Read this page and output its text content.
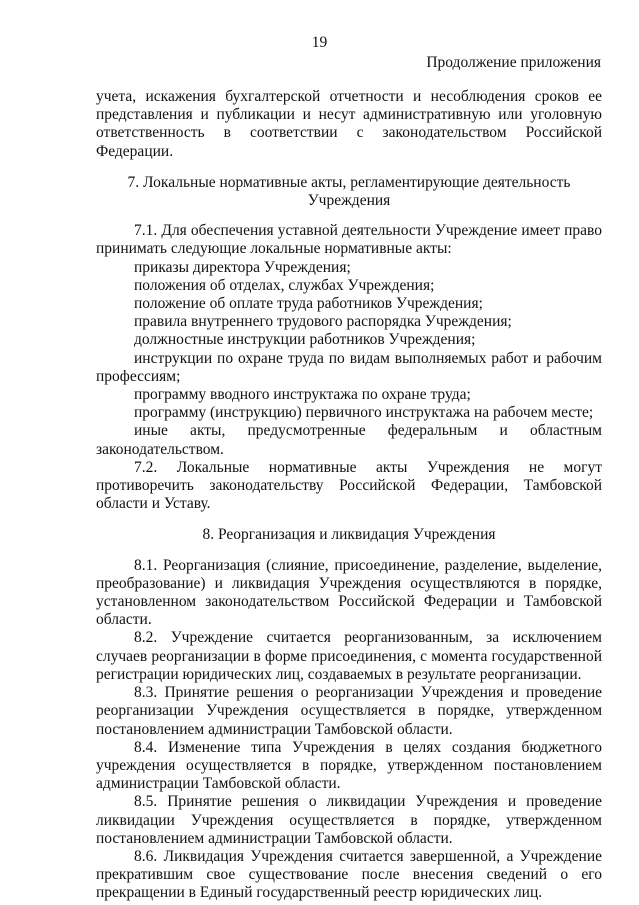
19
Продолжение приложения

учета, искажения бухгалтерской отчетности и несоблюдения сроков ее представления и публикации и несут административную или уголовную ответственность в соответствии с законодательством Российской Федерации.

7. Локальные нормативные акты, регламентирующие деятельность
Учреждения

7.1. Для обеспечения уставной деятельности Учреждение имеет право принимать следующие локальные нормативные акты:

приказы директора Учреждения;

положения об отделах, службах Учреждения;

положение об оплате труда работников Учреждения;

правила внутреннего трудового распорядка Учреждения;

должностные инструкции работников Учреждения;

инструкции по охране труда по видам выполняемых работ и рабочим профессиям;

программу вводного инструктажа по охране труда;

программу (инструкцию) первичного инструктажа на рабочем месте;

иные акты, предусмотренные федеральным и областным законодательством.

7.2. Локальные нормативные акты Учреждения не могут противоречить законодательству Российской Федерации, Тамбовской области и Уставу.

8. Реорганизация и ликвидация Учреждения

8.1. Реорганизация (слияние, присоединение, разделение, выделение, преобразование) и ликвидация Учреждения осуществляются в порядке, установленном законодательством Российской Федерации и Тамбовской области.

8.2. Учреждение считается реорганизованным, за исключением случаев реорганизации в форме присоединения, с момента государственной регистрации юридических лиц, создаваемых в результате реорганизации.

8.3. Принятие решения о реорганизации Учреждения и проведение реорганизации Учреждения осуществляется в порядке, утвержденном постановлением администрации Тамбовской области.

8.4. Изменение типа Учреждения в целях создания бюджетного учреждения осуществляется в порядке, утвержденном постановлением администрации Тамбовской области.

8.5. Принятие решения о ликвидации Учреждения и проведение ликвидации Учреждения осуществляется в порядке, утвержденном постановлением администрации Тамбовской области.

8.6. Ликвидация Учреждения считается завершенной, а Учреждение прекратившим свое существование после внесения сведений о его прекращении в Единый государственный реестр юридических лиц.
